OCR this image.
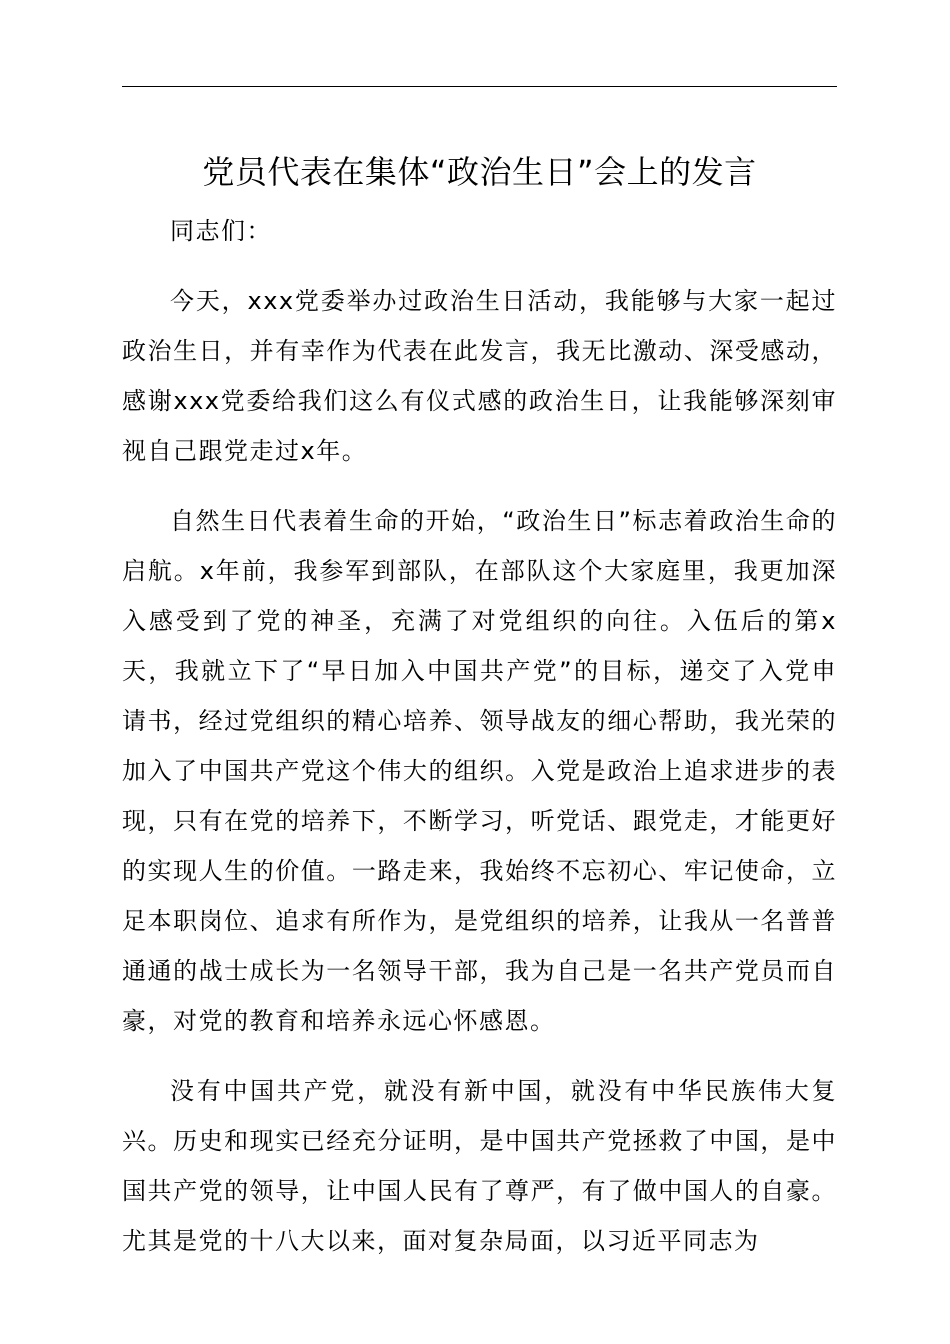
党员代表在集体“政治生日”会上的发言

同志们：

今天，xxx党委举办过政治生日活动，我能够与大家一起过政治生日，并有幸作为代表在此发言，我无比激动、深受感动，感谢xxx党委给我们这么有仪式感的政治生日，让我能够深刻审视自己跟党走过x年。

自然生日代表着生命的开始，“政治生日”标志着政治生命的启航。x年前，我参军到部队，在部队这个大家庭里，我更加深入感受到了党的神圣，充满了对党组织的向往。入伍后的第x天，我就立下了“早日加入中国共产党”的目标，递交了入党申请书，经过党组织的精心培养、领导战友的细心帮助，我光荣的加入了中国共产党这个伟大的组织。入党是政治上追求进步的表现，只有在党的培养下，不断学习，听党话、跟党走，才能更好的实现人生的价值。一路走来，我始终不忘初心、牢记使命，立足本职岗位、追求有所作为，是党组织的培养，让我从一名普普通通的战士成长为一名领导干部，我为自己是一名共产党员而自豪，对党的教育和培养永远心怀感恩。

没有中国共产党，就没有新中国，就没有中华民族伟大复兴。历史和现实已经充分证明，是中国共产党拯救了中国，是中国共产党的领导，让中国人民有了尊严，有了做中国人的自豪。尤其是党的十八大以来，面对复杂局面，以习近平同志为
